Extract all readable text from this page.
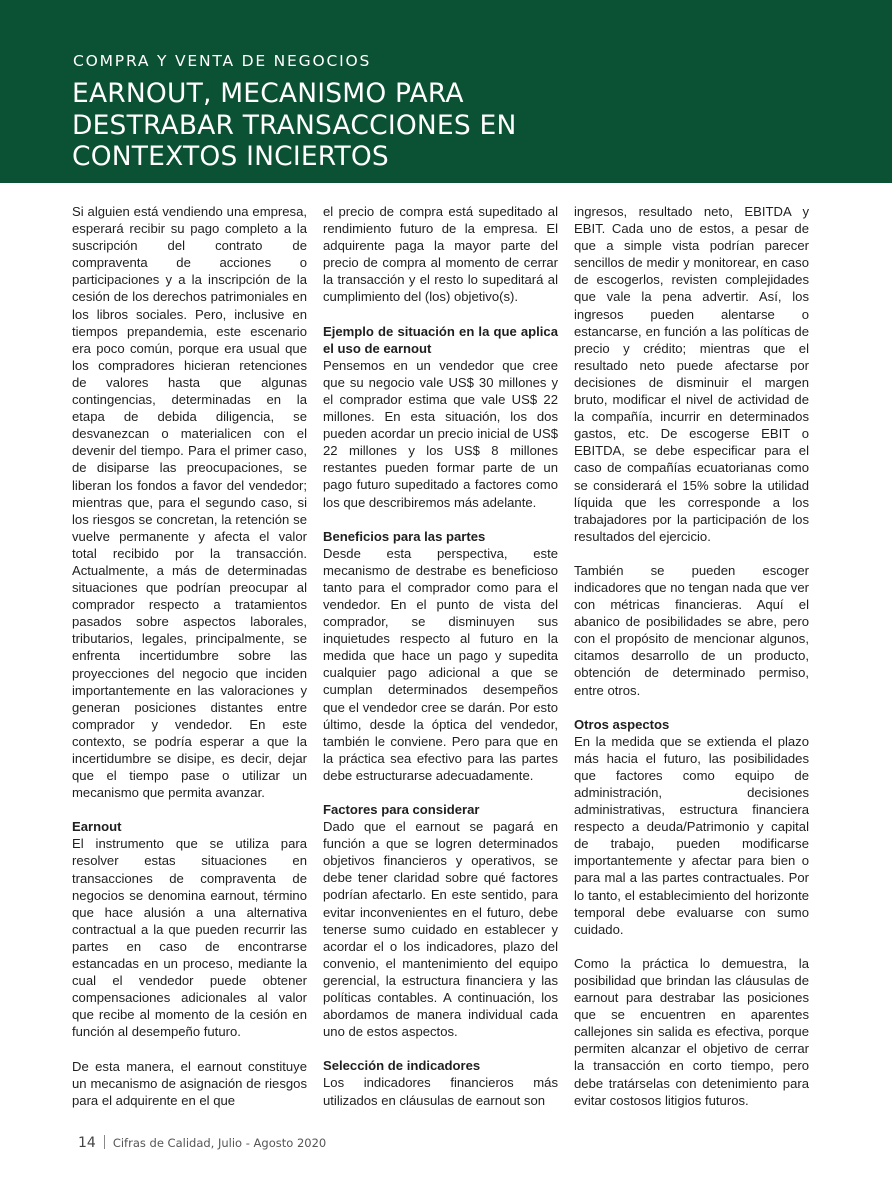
COMPRA Y VENTA DE NEGOCIOS
EARNOUT, MECANISMO PARA DESTRABAR TRANSACCIONES EN CONTEXTOS INCIERTOS

Si alguien está vendiendo una empresa, esperará recibir su pago completo a la suscripción del contrato de compraventa de acciones o participaciones y a la inscripción de la cesión de los derechos patrimoniales en los libros sociales. Pero, inclusive en tiempos prepandemia, este escenario era poco común, porque era usual que los compradores hicieran retenciones de valores hasta que algunas contingencias, determinadas en la etapa de debida diligencia, se desvanezcan o materialicen con el devenir del tiempo. Para el primer caso, de disiparse las preocupaciones, se liberan los fondos a favor del vendedor; mientras que, para el segundo caso, si los riesgos se concretan, la retención se vuelve permanente y afecta el valor total recibido por la transacción. Actualmente, a más de determinadas situaciones que podrían preocupar al comprador respecto a tratamientos pasados sobre aspectos laborales, tributarios, legales, principalmente, se enfrenta incertidumbre sobre las proyecciones del negocio que inciden importantemente en las valoraciones y generan posiciones distantes entre comprador y vendedor. En este contexto, se podría esperar a que la incertidumbre se disipe, es decir, dejar que el tiempo pase o utilizar un mecanismo que permita avanzar.

Earnout

El instrumento que se utiliza para resolver estas situaciones en transacciones de compraventa de negocios se denomina earnout, término que hace alusión a una alternativa contractual a la que pueden recurrir las partes en caso de encontrarse estancadas en un proceso, mediante la cual el vendedor puede obtener compensaciones adicionales al valor que recibe al momento de la cesión en función al desempeño futuro.

De esta manera, el earnout constituye un mecanismo de asignación de riesgos para el adquirente en el que

el precio de compra está supeditado al rendimiento futuro de la empresa. El adquirente paga la mayor parte del precio de compra al momento de cerrar la transacción y el resto lo supeditará al cumplimiento del (los) objetivo(s).

Ejemplo de situación en la que aplica el uso de earnout

Pensemos en un vendedor que cree que su negocio vale US$ 30 millones y el comprador estima que vale US$ 22 millones. En esta situación, los dos pueden acordar un precio inicial de US$ 22 millones y los US$ 8 millones restantes pueden formar parte de un pago futuro supeditado a factores como los que describiremos más adelante.

Beneficios para las partes

Desde esta perspectiva, este mecanismo de destrabe es beneficioso tanto para el comprador como para el vendedor. En el punto de vista del comprador, se disminuyen sus inquietudes respecto al futuro en la medida que hace un pago y supedita cualquier pago adicional a que se cumplan determinados desempeños que el vendedor cree se darán. Por esto último, desde la óptica del vendedor, también le conviene. Pero para que en la práctica sea efectivo para las partes debe estructurarse adecuadamente.

Factores para considerar

Dado que el earnout se pagará en función a que se logren determinados objetivos financieros y operativos, se debe tener claridad sobre qué factores podrían afectarlo. En este sentido, para evitar inconvenientes en el futuro, debe tenerse sumo cuidado en establecer y acordar el o los indicadores, plazo del convenio, el mantenimiento del equipo gerencial, la estructura financiera y las políticas contables. A continuación, los abordamos de manera individual cada uno de estos aspectos.

Selección de indicadores

Los indicadores financieros más utilizados en cláusulas de earnout son

ingresos, resultado neto, EBITDA y EBIT. Cada uno de estos, a pesar de que a simple vista podrían parecer sencillos de medir y monitorear, en caso de escogerlos, revisten complejidades que vale la pena advertir. Así, los ingresos pueden alentarse o estancarse, en función a las políticas de precio y crédito; mientras que el resultado neto puede afectarse por decisiones de disminuir el margen bruto, modificar el nivel de actividad de la compañía, incurrir en determinados gastos, etc. De escogerse EBIT o EBITDA, se debe especificar para el caso de compañías ecuatorianas como se considerará el 15% sobre la utilidad líquida que les corresponde a los trabajadores por la participación de los resultados del ejercicio.

También se pueden escoger indicadores que no tengan nada que ver con métricas financieras. Aquí el abanico de posibilidades se abre, pero con el propósito de mencionar algunos, citamos desarrollo de un producto, obtención de determinado permiso, entre otros.

Otros aspectos

En la medida que se extienda el plazo más hacia el futuro, las posibilidades que factores como equipo de administración, decisiones administrativas, estructura financiera respecto a deuda/Patrimonio y capital de trabajo, pueden modificarse importantemente y afectar para bien o para mal a las partes contractuales. Por lo tanto, el establecimiento del horizonte temporal debe evaluarse con sumo cuidado.

Como la práctica lo demuestra, la posibilidad que brindan las cláusulas de earnout para destrabar las posiciones que se encuentren en aparentes callejones sin salida es efectiva, porque permiten alcanzar el objetivo de cerrar la transacción en corto tiempo, pero debe tratárselas con detenimiento para evitar costosos litigios futuros.

14 Cifras de Calidad, Julio - Agosto 2020
